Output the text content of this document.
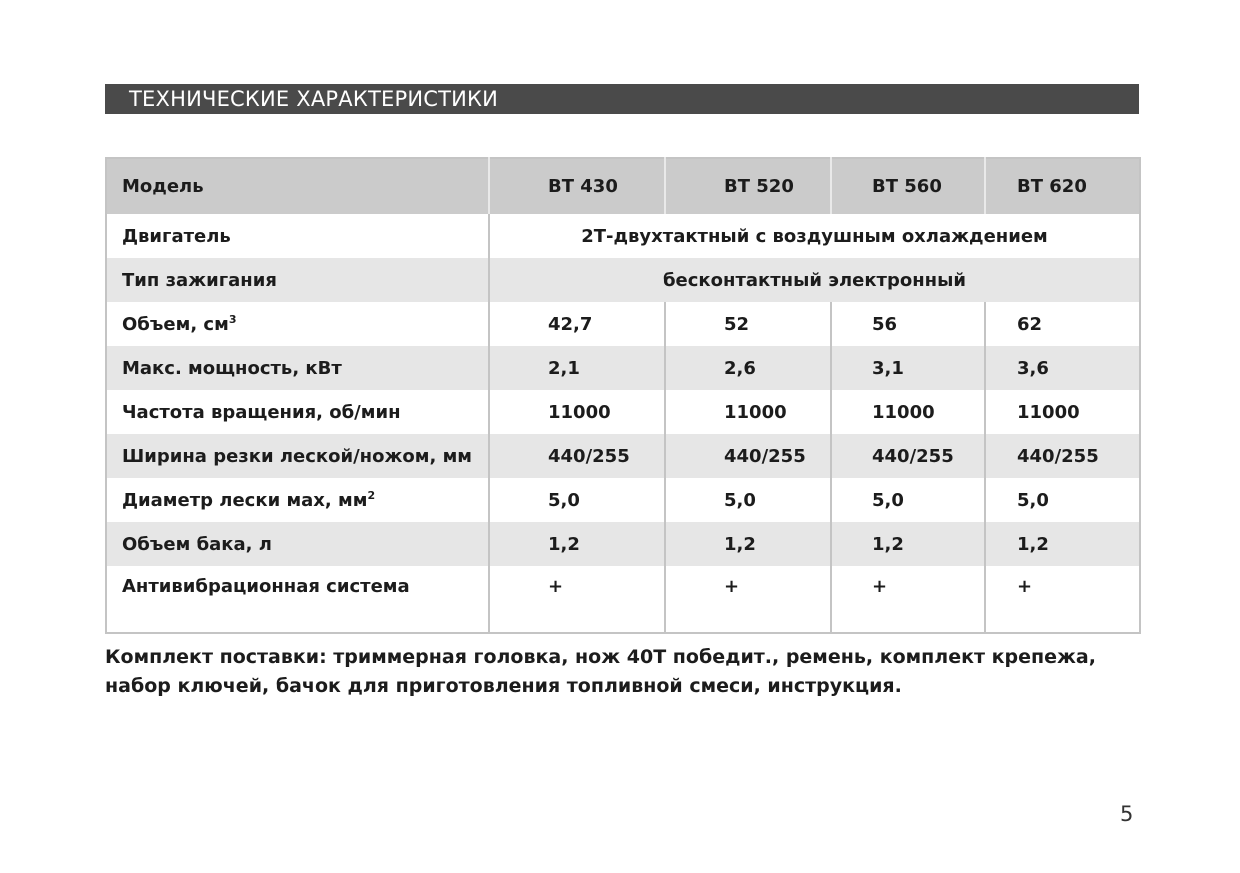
ТЕХНИЧЕСКИЕ ХАРАКТЕРИСТИКИ
Модель	BT 430	BT 520	BT 560	BT 620
Двигатель	2Т-двухтактный с воздушным охлаждением			
Тип зажигания	бесконтактный электронный			
Объем, $см^3$	42,7	52	56	62
Макс. мощность, кВт	2,1	2,6	3,1	3,6
Частота вращения, об/мин	11000	11000	11000	11000
Ширина резки леской/ножом, мм	440/255	440/255	440/255	440/255
Диаметр лески мах, $мм^2$	5,0	5,0	5,0	5,0
Объем бака, л	1,2	1,2	1,2	1,2
Антивибрационная система	+	+	+	+

Комплект поставки: триммерная головка, нож 40Т победит., ремень, комплект крепежа, набор ключей, бачок для приготовления топливной смеси, инструкция.

5
